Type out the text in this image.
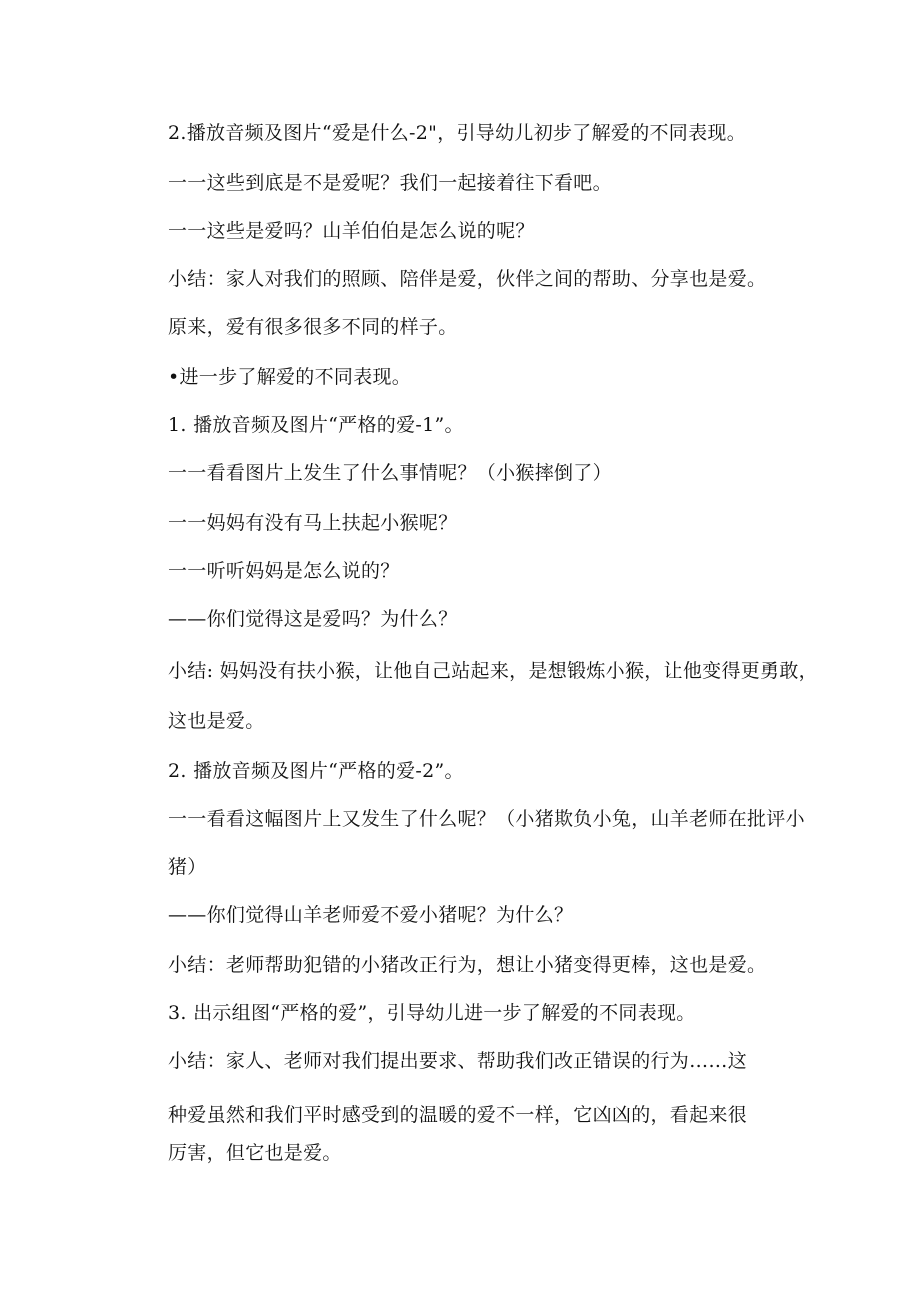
2.播放音频及图片“爱是什么-2"，引导幼儿初步了解爱的不同表现。

一一这些到底是不是爱呢？我们一起接着往下看吧。

一一这些是爱吗？山羊伯伯是怎么说的呢？

小结：家人对我们的照顾、陪伴是爱，伙伴之间的帮助、分享也是爱。

原来，爱有很多很多不同的样子。

•进一步了解爱的不同表现。

1. 播放音频及图片“严格的爱-1”。

一一看看图片上发生了什么事情呢？（小猴摔倒了）

一一妈妈有没有马上扶起小猴呢？

一一听听妈妈是怎么说的？

——你们觉得这是爱吗？为什么？

小结: 妈妈没有扶小猴，让他自己站起来，是想锻炼小猴，让他变得更勇敢，

这也是爱。

2. 播放音频及图片“严格的爱-2”。

一一看看这幅图片上又发生了什么呢？（小猪欺负小兔，山羊老师在批评小

猪）

——你们觉得山羊老师爱不爱小猪呢？为什么？

小结：老师帮助犯错的小猪改正行为，想让小猪变得更棒，这也是爱。

3. 出示组图“严格的爱”，引导幼儿进一步了解爱的不同表现。

小结：家人、老师对我们提出要求、帮助我们改正错误的行为……这

种爱虽然和我们平时感受到的温暖的爱不一样，它凶凶的，看起来很

厉害，但它也是爱。
